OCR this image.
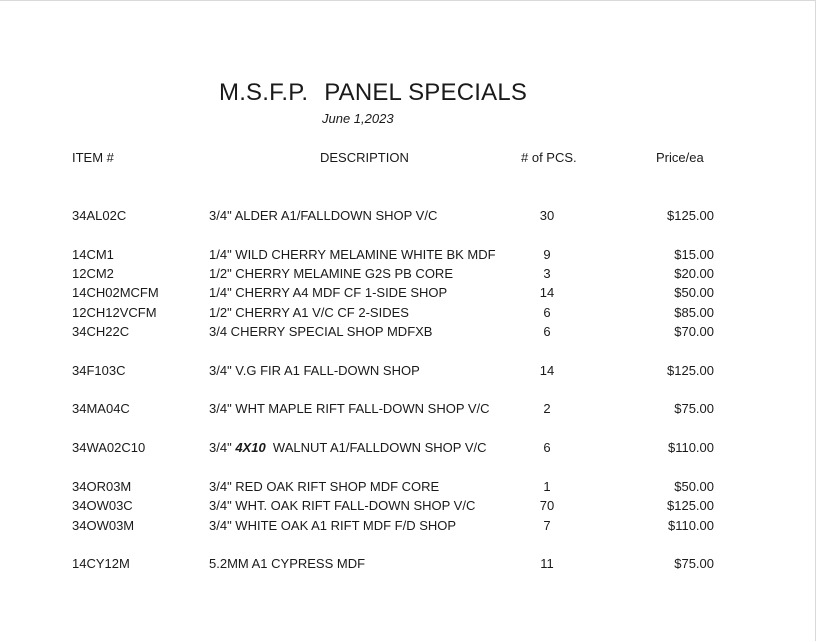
M.S.F.P. PANEL SPECIALS
June 1,2023
ITEM #	DESCRIPTION	# of PCS.	Price/ea
34AL02C	3/4" ALDER A1/FALLDOWN SHOP V/C	30	$125.00
14CM1	1/4" WILD CHERRY MELAMINE WHITE BK MDF	9	$15.00
12CM2	1/2" CHERRY MELAMINE G2S PB CORE	3	$20.00
14CH02MCFM	1/4" CHERRY A4 MDF CF 1-SIDE SHOP	14	$50.00
12CH12VCFM	1/2" CHERRY A1 V/C CF 2-SIDES	6	$85.00
34CH22C	3/4 CHERRY SPECIAL SHOP MDFXB	6	$70.00
34F103C	3/4" V.G FIR A1 FALL-DOWN SHOP	14	$125.00
34MA04C	3/4" WHT MAPLE RIFT FALL-DOWN SHOP V/C	2	$75.00
34WA02C10	3/4" 4X10 WALNUT A1/FALLDOWN SHOP V/C	6	$110.00
34OR03M	3/4" RED OAK RIFT SHOP MDF CORE	1	$50.00
34OW03C	3/4" WHT. OAK RIFT FALL-DOWN SHOP V/C	70	$125.00
34OW03M	3/4" WHITE OAK A1 RIFT MDF F/D SHOP	7	$110.00
14CY12M	5.2MM A1 CYPRESS MDF	11	$75.00
